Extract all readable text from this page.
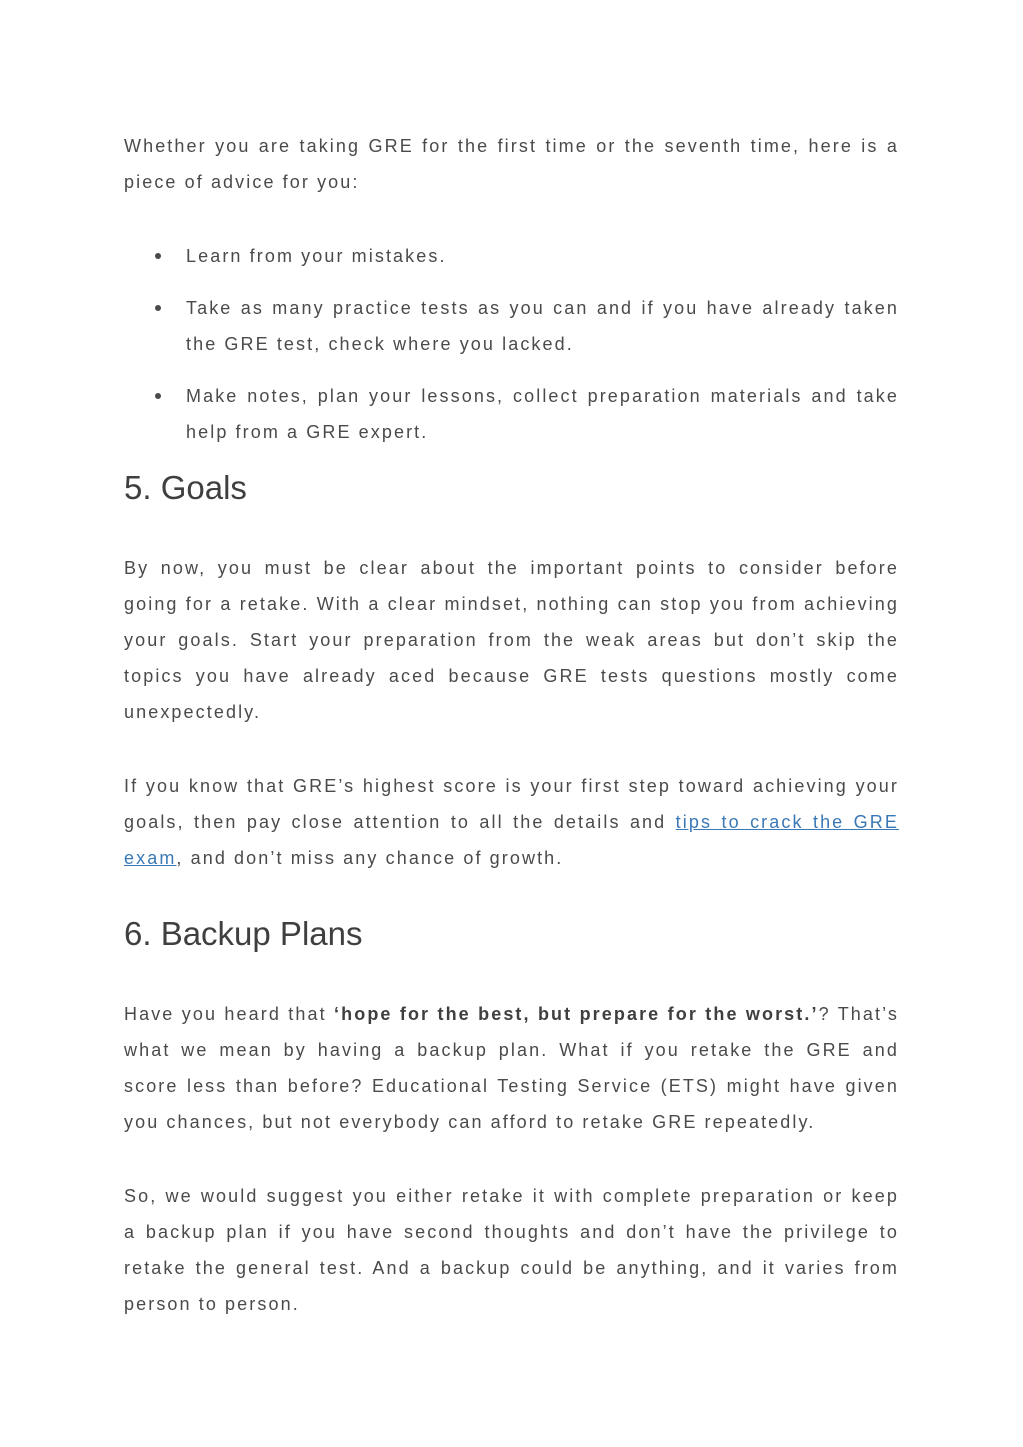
Whether you are taking GRE for the first time or the seventh time, here is a piece of advice for you:

Learn from your mistakes.
Take as many practice tests as you can and if you have already taken the GRE test, check where you lacked.
Make notes, plan your lessons, collect preparation materials and take help from a GRE expert.
5. Goals

By now, you must be clear about the important points to consider before going for a retake. With a clear mindset, nothing can stop you from achieving your goals. Start your preparation from the weak areas but don’t skip the topics you have already aced because GRE tests questions mostly come unexpectedly.

If you know that GRE’s highest score is your first step toward achieving your goals, then pay close attention to all the details and tips to crack the GRE exam, and don’t miss any chance of growth.

6. Backup Plans

Have you heard that ‘hope for the best, but prepare for the worst.’? That’s what we mean by having a backup plan. What if you retake the GRE and score less than before? Educational Testing Service (ETS) might have given you chances, but not everybody can afford to retake GRE repeatedly.

So, we would suggest you either retake it with complete preparation or keep a backup plan if you have second thoughts and don’t have the privilege to retake the general test. And a backup could be anything, and it varies from person to person.
